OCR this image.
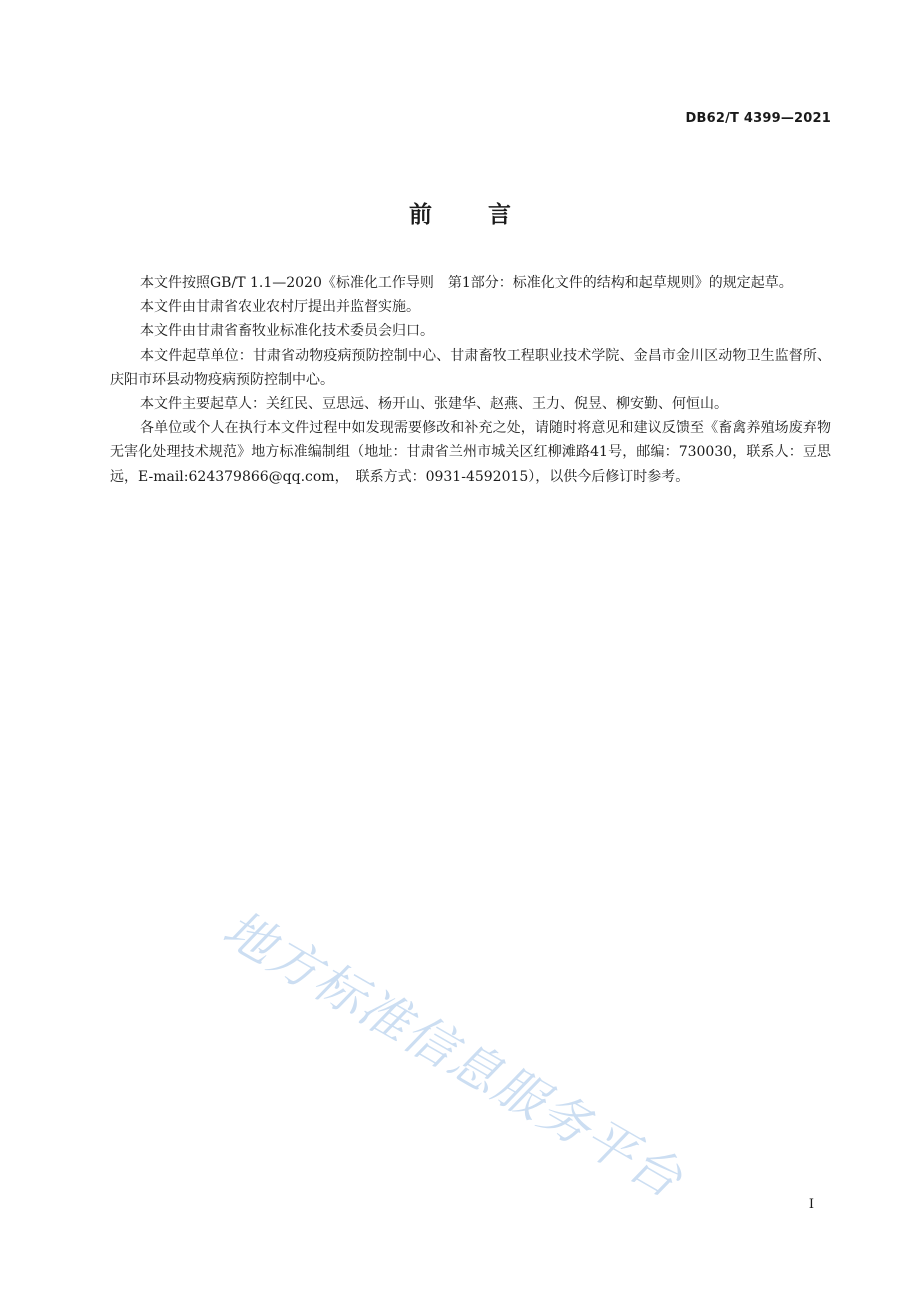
DB62/T 4399—2021
前言

本文件按照GB/T 1.1—2020《标准化工作导则　第1部分：标准化文件的结构和起草规则》的规定起草。

本文件由甘肃省农业农村厅提出并监督实施。

本文件由甘肃省畜牧业标准化技术委员会归口。

本文件起草单位：甘肃省动物疫病预防控制中心、甘肃畜牧工程职业技术学院、金昌市金川区动物卫生监督所、庆阳市环县动物疫病预防控制中心。

本文件主要起草人：关红民、豆思远、杨开山、张建华、赵燕、王力、倪昱、柳安勤、何恒山。

各单位或个人在执行本文件过程中如发现需要修改和补充之处，请随时将意见和建议反馈至《畜禽养殖场废弃物无害化处理技术规范》地方标准编制组（地址：甘肃省兰州市城关区红柳滩路41号，邮编：730030，联系人：豆思远，E-mail:624379866@qq.com，　联系方式：0931-4592015），以供今后修订时参考。

地方标准信息服务平台	I
